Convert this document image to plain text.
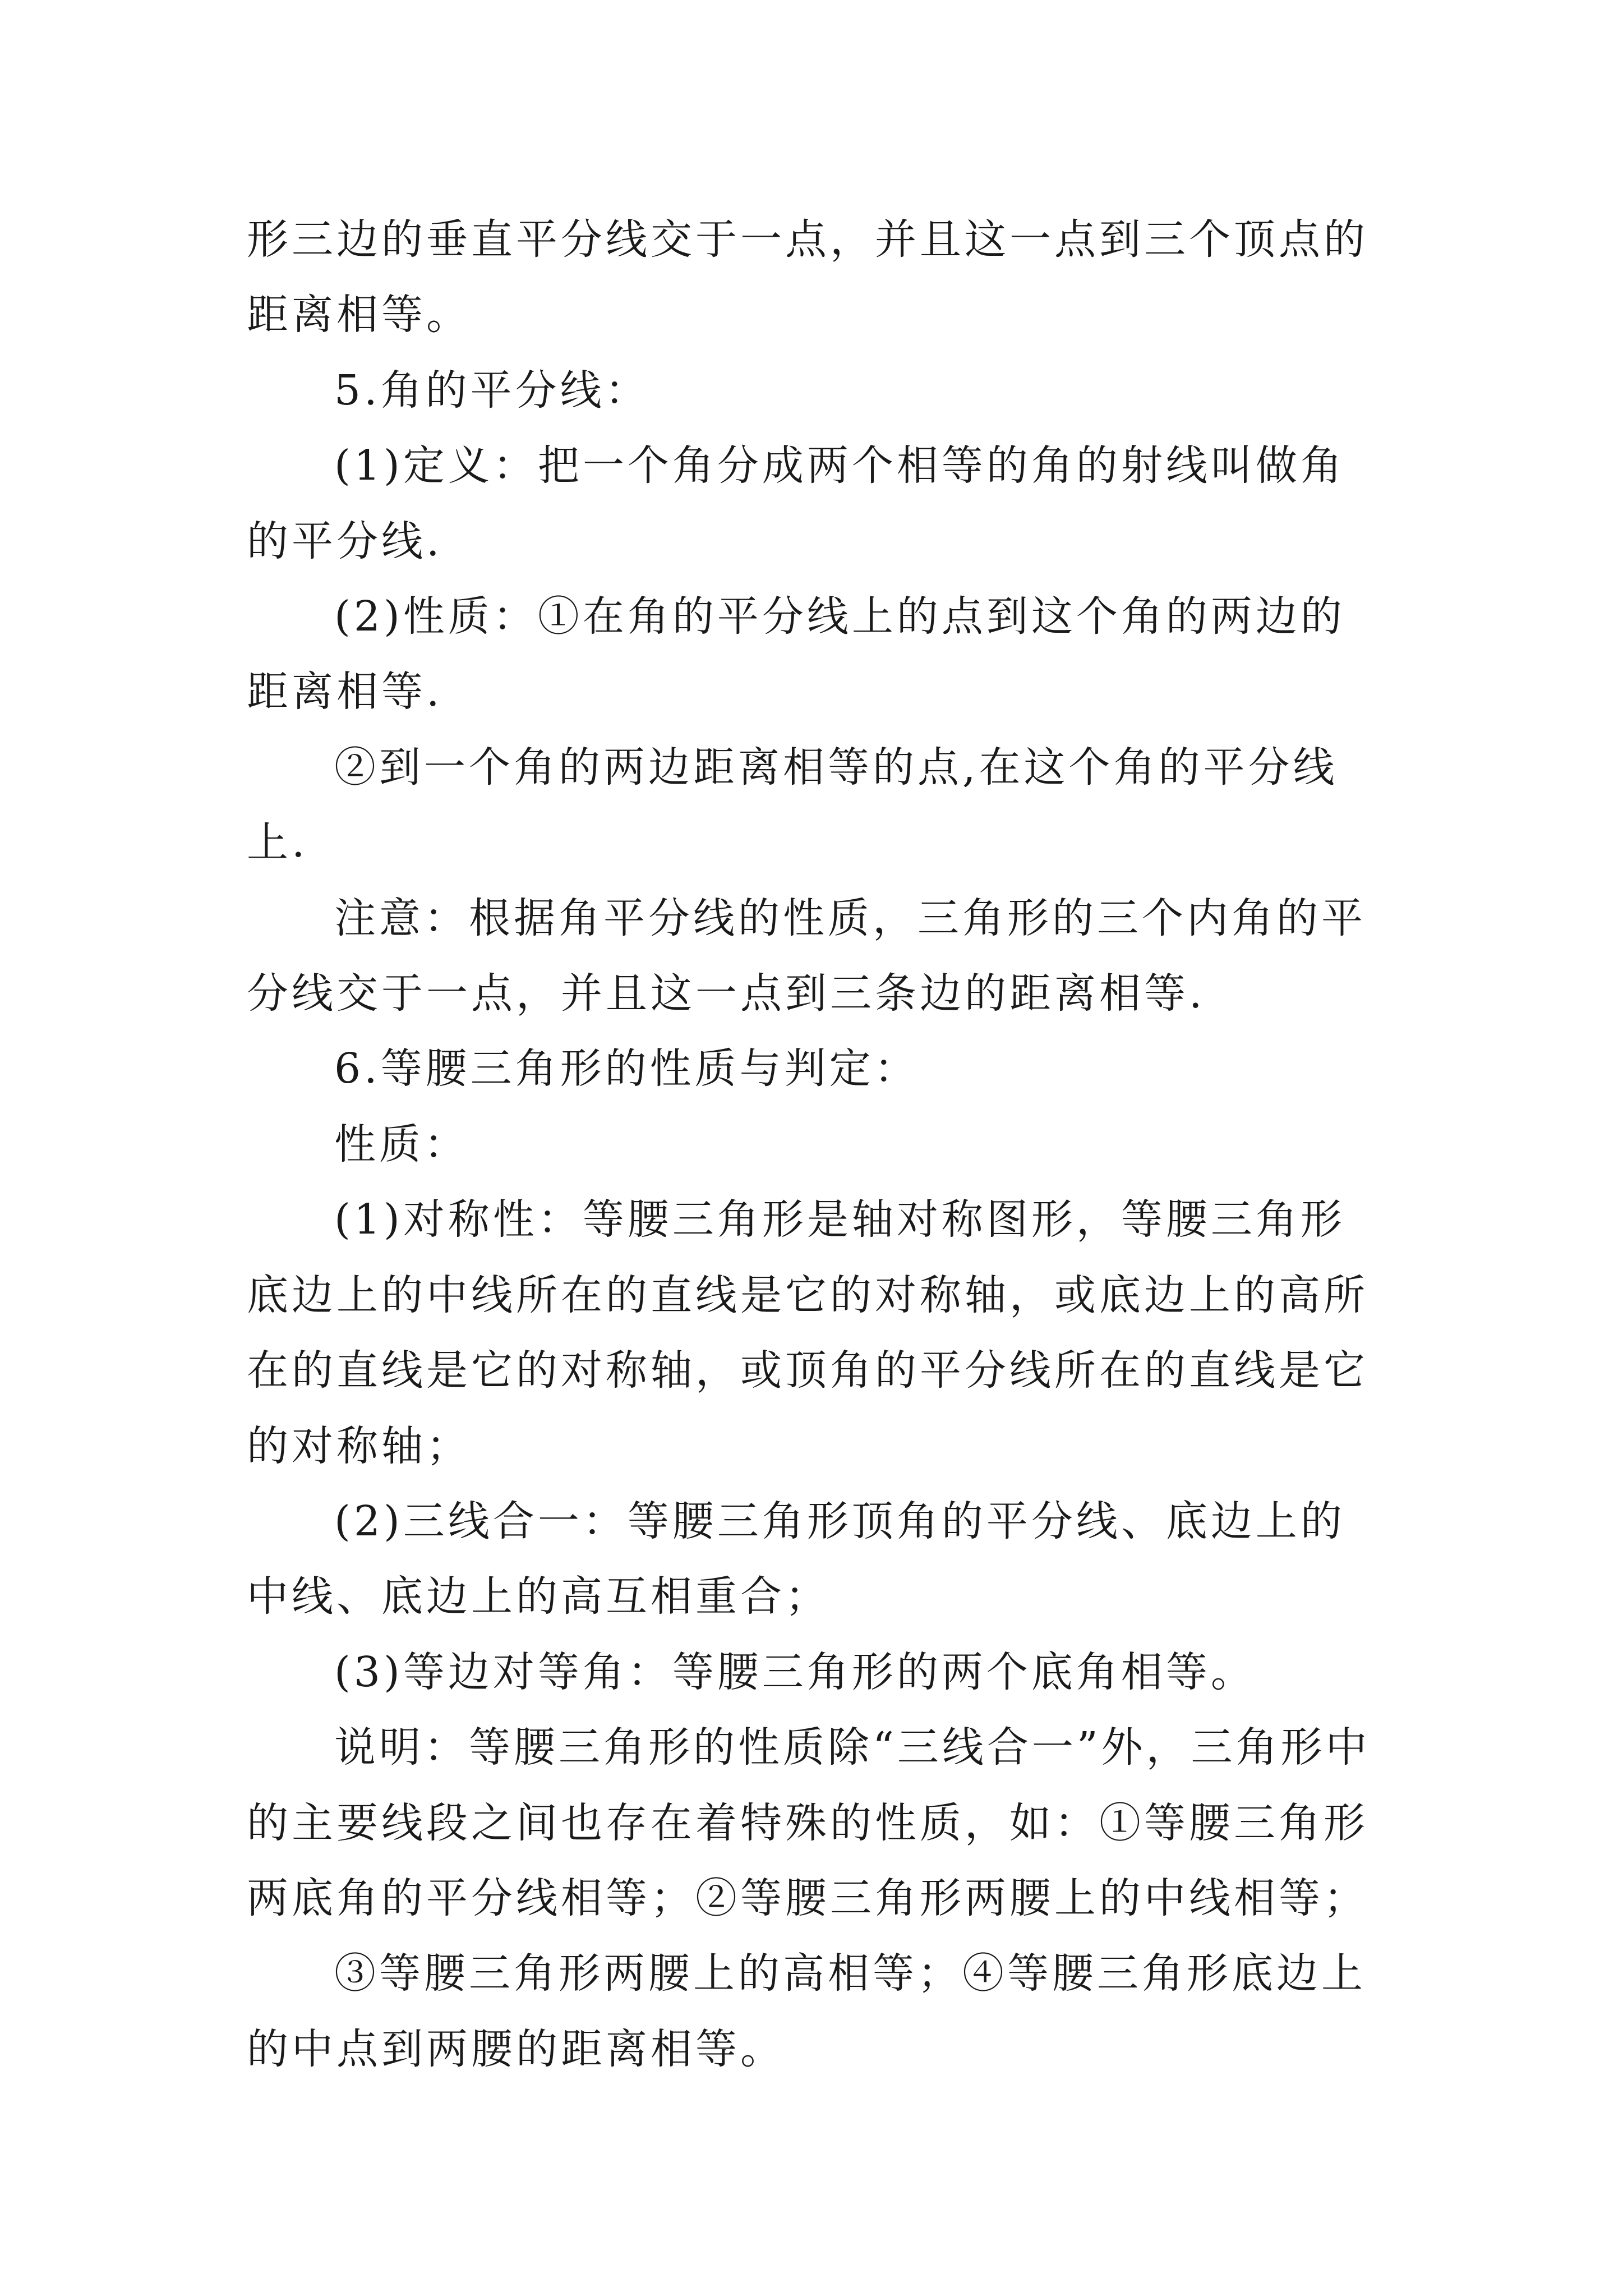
形三边的垂直平分线交于一点，并且这一点到三个顶点的距离相等。

5.角的平分线：

(1)定义：把一个角分成两个相等的角的射线叫做角的平分线.

(2)性质：①在角的平分线上的点到这个角的两边的距离相等.

②到一个角的两边距离相等的点,在这个角的平分线上.

注意：根据角平分线的性质，三角形的三个内角的平分线交于一点，并且这一点到三条边的距离相等.

6.等腰三角形的性质与判定：

性质：

(1)对称性：等腰三角形是轴对称图形，等腰三角形底边上的中线所在的直线是它的对称轴，或底边上的高所在的直线是它的对称轴，或顶角的平分线所在的直线是它的对称轴；

(2)三线合一：等腰三角形顶角的平分线、底边上的中线、底边上的高互相重合；

(3)等边对等角：等腰三角形的两个底角相等。

说明：等腰三角形的性质除“三线合一”外，三角形中的主要线段之间也存在着特殊的性质，如：①等腰三角形两底角的平分线相等；②等腰三角形两腰上的中线相等；

③等腰三角形两腰上的高相等；④等腰三角形底边上的中点到两腰的距离相等。
